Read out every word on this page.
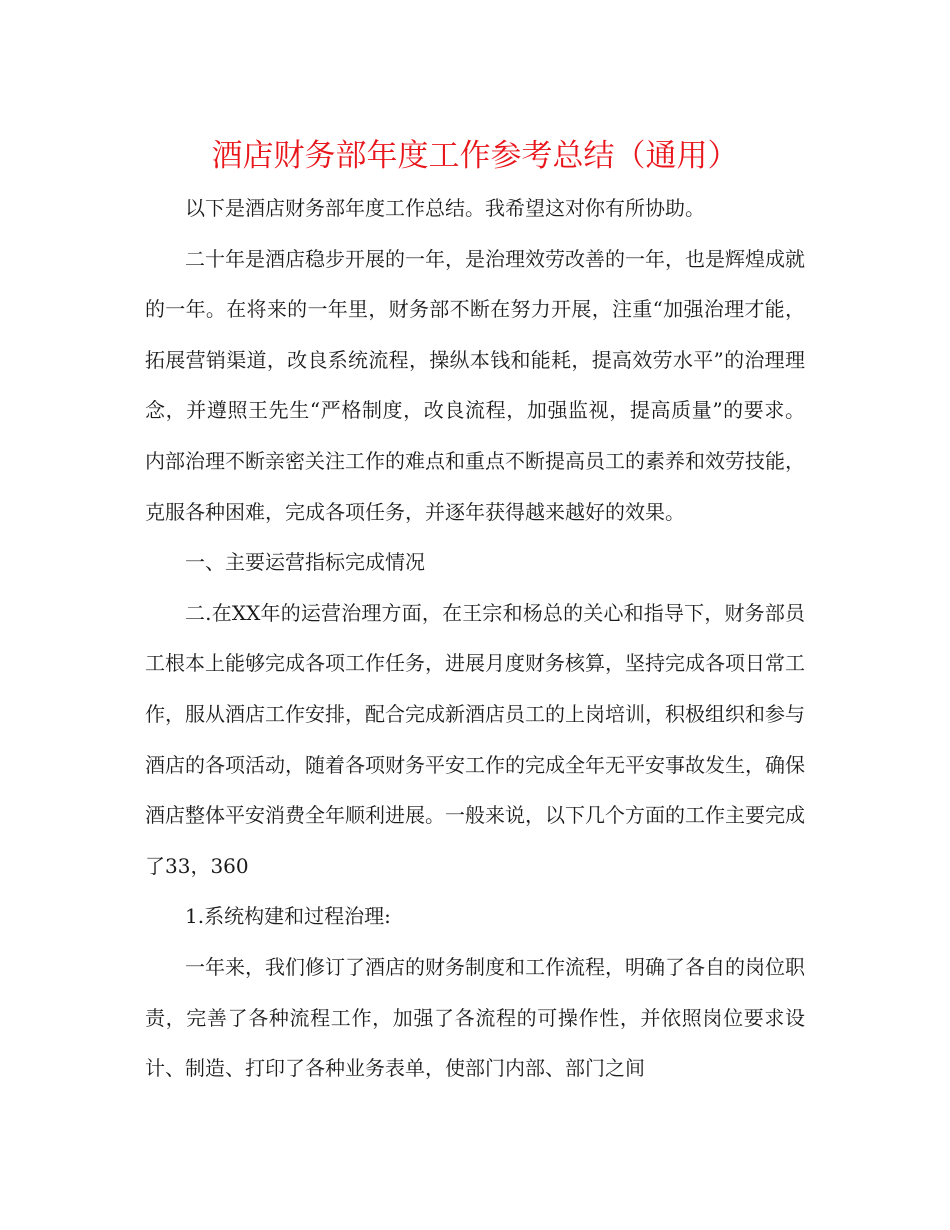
酒店财务部年度工作参考总结（通用）

以下是酒店财务部年度工作总结。我希望这对你有所协助。

二十年是酒店稳步开展的一年，是治理效劳改善的一年，也是辉煌成就的一年。在将来的一年里，财务部不断在努力开展，注重“加强治理才能，拓展营销渠道，改良系统流程，操纵本钱和能耗，提高效劳水平”的治理理念，并遵照王先生“严格制度，改良流程，加强监视，提高质量”的要求。内部治理不断亲密关注工作的难点和重点不断提高员工的素养和效劳技能，克服各种困难，完成各项任务，并逐年获得越来越好的效果。

一、主要运营指标完成情况

二.在XX年的运营治理方面，在王宗和杨总的关心和指导下，财务部员工根本上能够完成各项工作任务，进展月度财务核算，坚持完成各项日常工作，服从酒店工作安排，配合完成新酒店员工的上岗培训，积极组织和参与酒店的各项活动，随着各项财务平安工作的完成全年无平安事故发生，确保酒店整体平安消费全年顺利进展。一般来说，以下几个方面的工作主要完成了33，360

1.系统构建和过程治理:

一年来，我们修订了酒店的财务制度和工作流程，明确了各自的岗位职责，完善了各种流程工作，加强了各流程的可操作性，并依照岗位要求设计、制造、打印了各种业务表单，使部门内部、部门之间
